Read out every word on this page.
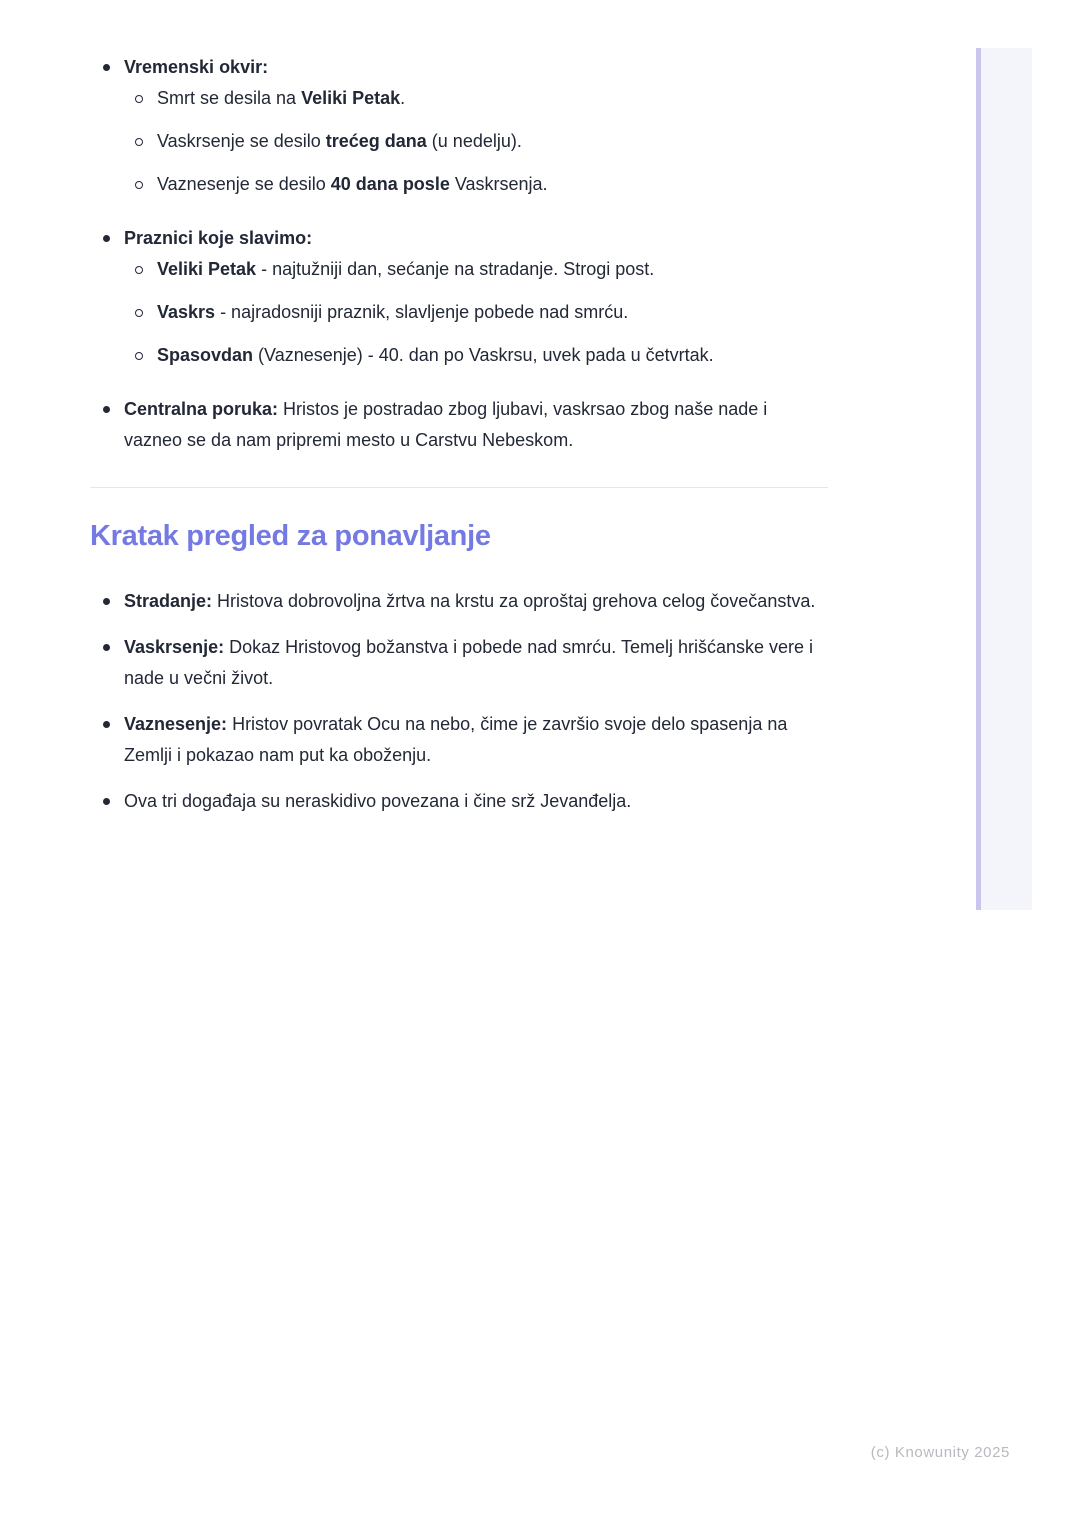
Vremenski okvir:
Smrt se desila na Veliki Petak.
Vaskrsenje se desilo trećeg dana (u nedelju).
Vaznesenje se desilo 40 dana posle Vaskrsenja.
Praznici koje slavimo:
Veliki Petak - najtužniji dan, sećanje na stradanje. Strogi post.
Vaskrs - najradosniji praznik, slavljenje pobede nad smrću.
Spasovdan (Vaznesenje) - 40. dan po Vaskrsu, uvek pada u četvrtak.
Centralna poruka: Hristos je postradao zbog ljubavi, vaskrsao zbog naše nade i vazneo se da nam pripremi mesto u Carstvu Nebeskom.
Kratak pregled za ponavljanje
Stradanje: Hristova dobrovoljna žrtva na krstu za oproštaj grehova celog čovečanstva.
Vaskrsenje: Dokaz Hristovog božanstva i pobede nad smrću. Temelj hrišćanske vere i nade u večni život.
Vaznesenje: Hristov povratak Ocu na nebo, čime je završio svoje delo spasenja na Zemlji i pokazao nam put ka oboženju.
Ova tri događaja su neraskidivo povezana i čine srž Jevanđelja.
(c) Knowunity 2025
